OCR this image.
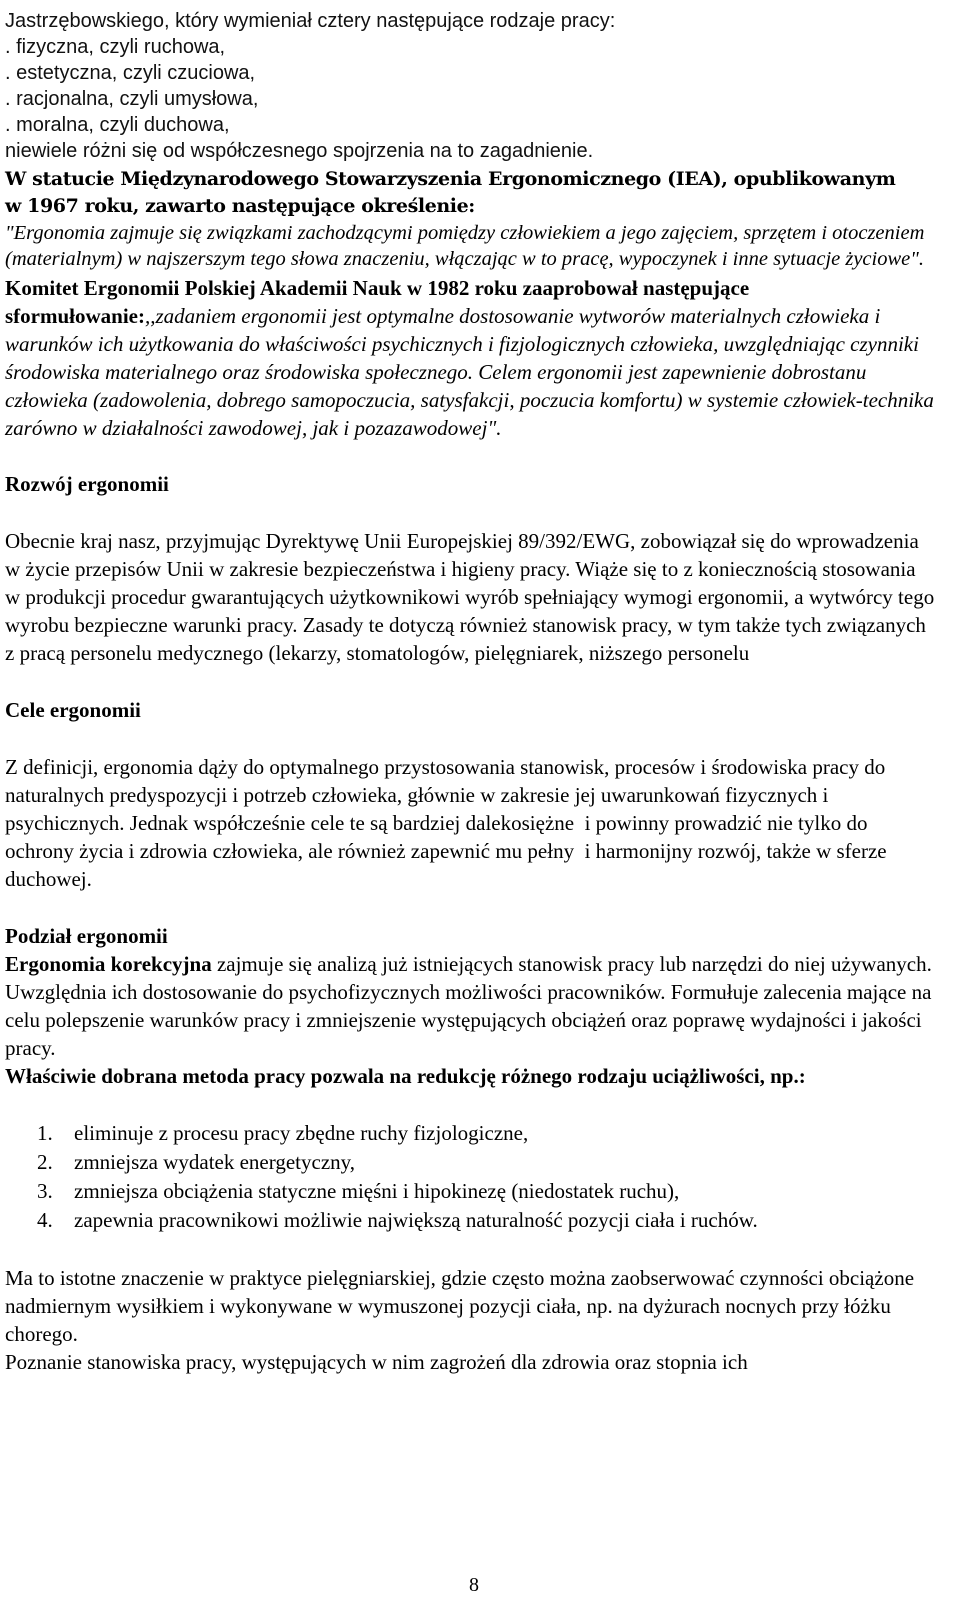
Jastrzębowskiego, który wymieniał cztery następujące rodzaje pracy:
. fizyczna, czyli ruchowa,
. estetyczna, czyli czuciowa,
. racjonalna, czyli umysłowa,
. moralna, czyli duchowa,
niewiele różni się od współczesnego spojrzenia na to zagadnienie.
W statucie Międzynarodowego Stowarzyszenia Ergonomicznego (IEA), opublikowanym
w 1967 roku, zawarto następujące określenie:

"Ergonomia zajmuje się związkami zachodzącymi pomiędzy człowiekiem a jego zajęciem, sprzętem i otoczeniem (materialnym) w najszerszym tego słowa znaczeniu, włączając w to pracę, wypoczynek i inne sytuacje życiowe".

Komitet Ergonomii Polskiej Akademii Nauk w 1982 roku zaaprobował następujące sformułowanie:,,zadaniem ergonomii jest optymalne dostosowanie wytworów materialnych człowieka i warunków ich użytkowania do właściwości psychicznych i fizjologicznych człowieka, uwzględniając czynniki środowiska materialnego oraz środowiska społecznego. Celem ergonomii jest zapewnienie dobrostanu człowieka (zadowolenia, dobrego samopoczucia, satysfakcji, poczucia komfortu) w systemie człowiek-technika zarówno w działalności zawodowej, jak i pozazawodowej".

Rozwój ergonomii

Obecnie kraj nasz, przyjmując Dyrektywę Unii Europejskiej 89/392/EWG, zobowiązał się do wprowadzenia w życie przepisów Unii w zakresie bezpieczeństwa i higieny pracy. Wiąże się to z koniecznością stosowania w produkcji procedur gwarantujących użytkownikowi wyrób spełniający wymogi ergonomii, a wytwórcy tego wyrobu bezpieczne warunki pracy. Zasady te dotyczą również stanowisk pracy, w tym także tych związanych z pracą personelu medycznego (lekarzy, stomatologów, pielęgniarek, niższego personelu

Cele ergonomii

Z definicji, ergonomia dąży do optymalnego przystosowania stanowisk, procesów i środowiska pracy do naturalnych predyspozycji i potrzeb człowieka, głównie w zakresie jej uwarunkowań fizycznych i psychicznych. Jednak współcześnie cele te są bardziej dalekosiężne  i powinny prowadzić nie tylko do ochrony życia i zdrowia człowieka, ale również zapewnić mu pełny  i harmonijny rozwój, także w sferze duchowej.

Podział ergonomii

Ergonomia korekcyjna zajmuje się analizą już istniejących stanowisk pracy lub narzędzi do niej używanych. Uwzględnia ich dostosowanie do psychofizycznych możliwości pracowników. Formułuje zalecenia mające na celu polepszenie warunków pracy i zmniejszenie występujących obciążeń oraz poprawę wydajności i jakości pracy.

Właściwie dobrana metoda pracy pozwala na redukcję różnego rodzaju uciążliwości, np.:

1.	eliminuje z procesu pracy zbędne ruchy fizjologiczne,
2.	zmniejsza wydatek energetyczny,
3.	zmniejsza obciążenia statyczne mięśni i hipokinezę (niedostatek ruchu),
4.	zapewnia pracownikowi możliwie największą naturalność pozycji ciała i ruchów.

Ma to istotne znaczenie w praktyce pielęgniarskiej, gdzie często można zaobserwować czynności obciążone nadmiernym wysiłkiem i wykonywane w wymuszonej pozycji ciała, np. na dyżurach nocnych przy łóżku chorego.

Poznanie stanowiska pracy, występujących w nim zagrożeń dla zdrowia oraz stopnia ich

8
